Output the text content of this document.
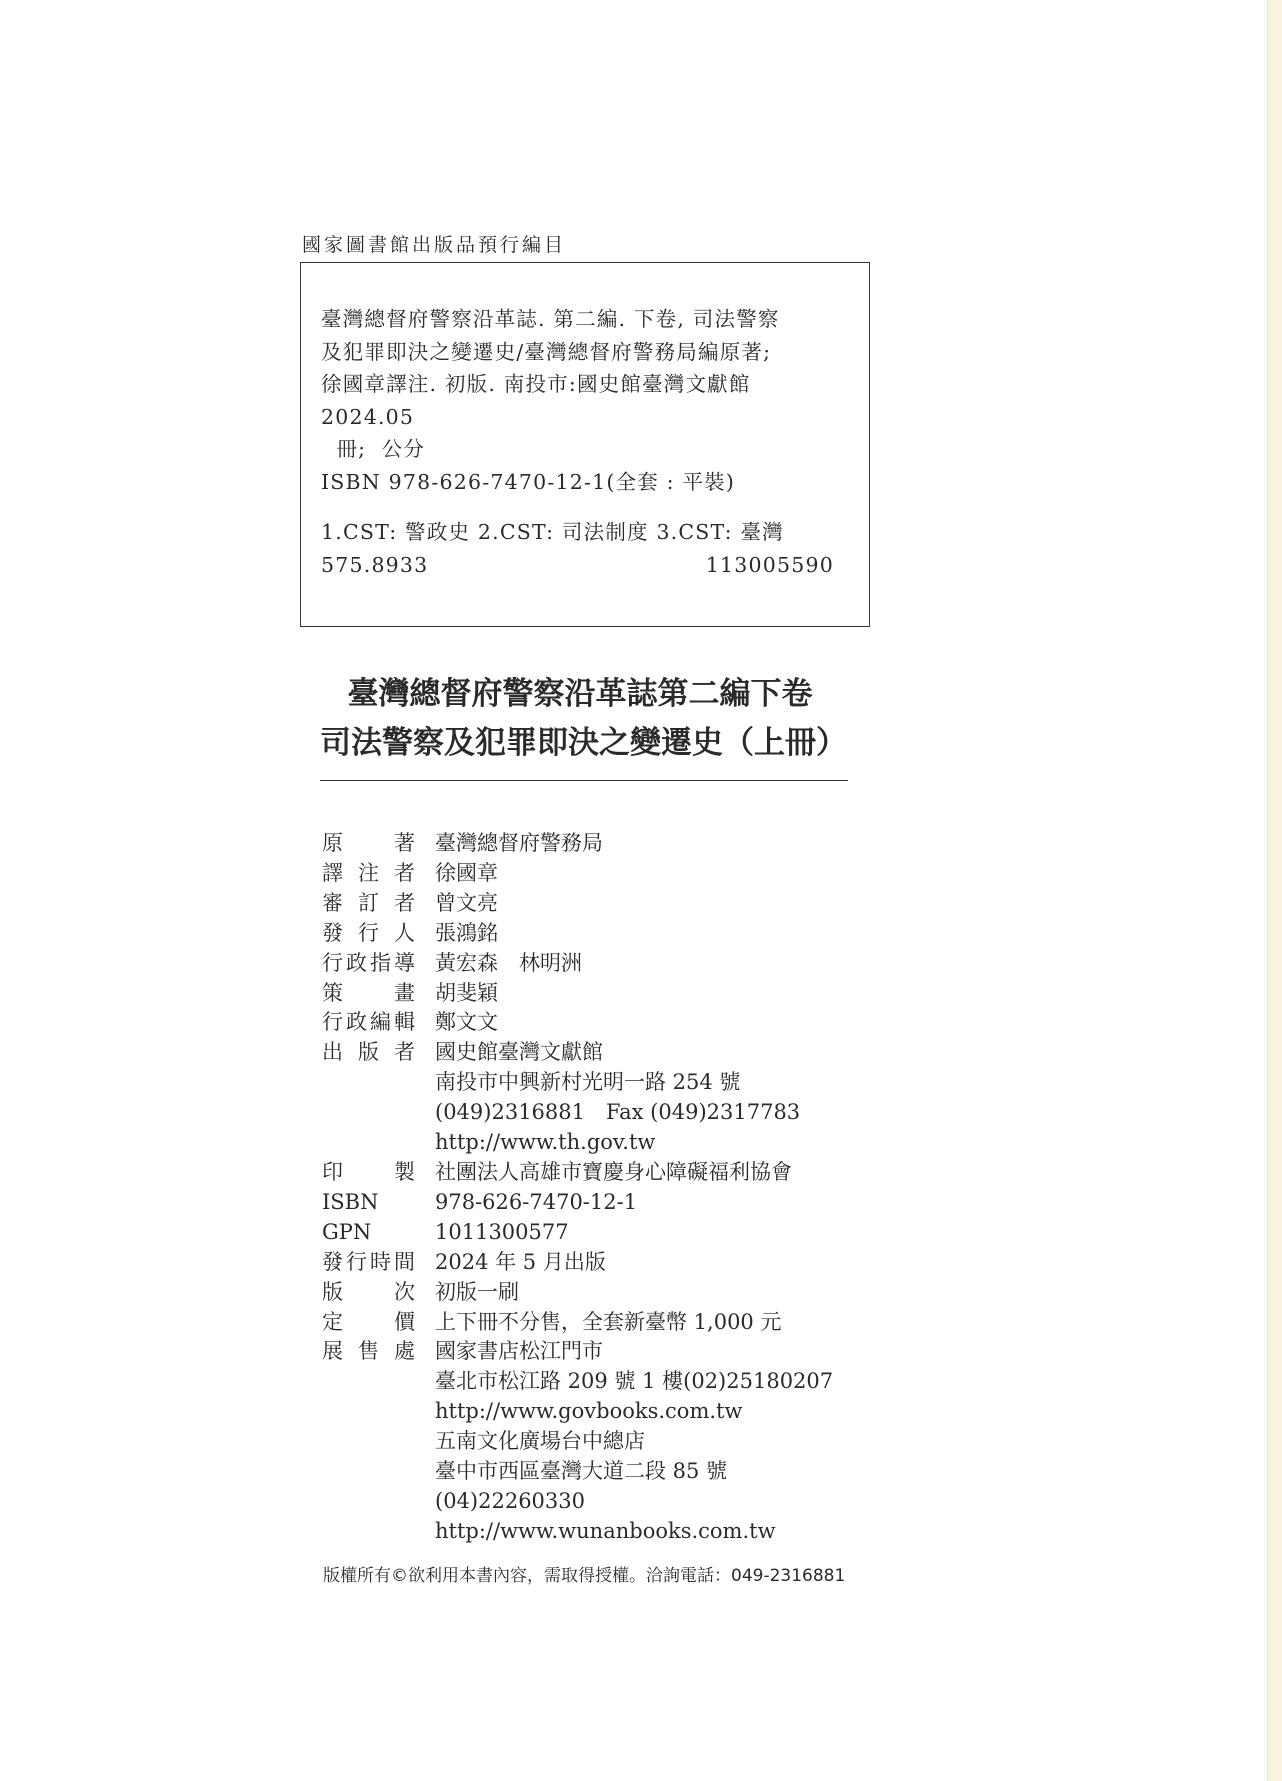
國家圖書館出版品預行編目
臺灣總督府警察沿革誌. 第二編. 下卷, 司法警察
及犯罪即決之變遷史/臺灣總督府警務局編原著;
徐國章譯注. 初版. 南投市:國史館臺灣文獻館
2024.05
冊;  公分
ISBN 978-626-7470-12-1(全套 : 平裝)
1.CST: 警政史 2.CST: 司法制度 3.CST: 臺灣
575.8933	113005590
臺灣總督府警察沿革誌第二編下卷
司法警察及犯罪即決之變遷史（上冊）
原著 臺灣總督府警務局
譯注者 徐國章
審訂者 曾文亮
發行人 張鴻銘
行政指導 黃宏森　林明洲
策畫 胡斐穎
行政編輯 鄭文文
出版者 國史館臺灣文獻館
南投市中興新村光明一路 254 號
(049)2316881　Fax (049)2317783
http://www.th.gov.tw
印製 社團法人高雄市寶慶身心障礙福利協會
ISBN	978-626-7470-12-1
GPN	1011300577
發行時間 2024 年 5 月出版
版次 初版一刷
定價 上下冊不分售，全套新臺幣 1,000 元
展售處 國家書店松江門市
臺北市松江路 209 號 1 樓(02)25180207
http://www.govbooks.com.tw
五南文化廣場台中總店
臺中市西區臺灣大道二段 85 號
(04)22260330
http://www.wunanbooks.com.tw
版權所有©欲利用本書內容，需取得授權。洽詢電話：049-2316881
